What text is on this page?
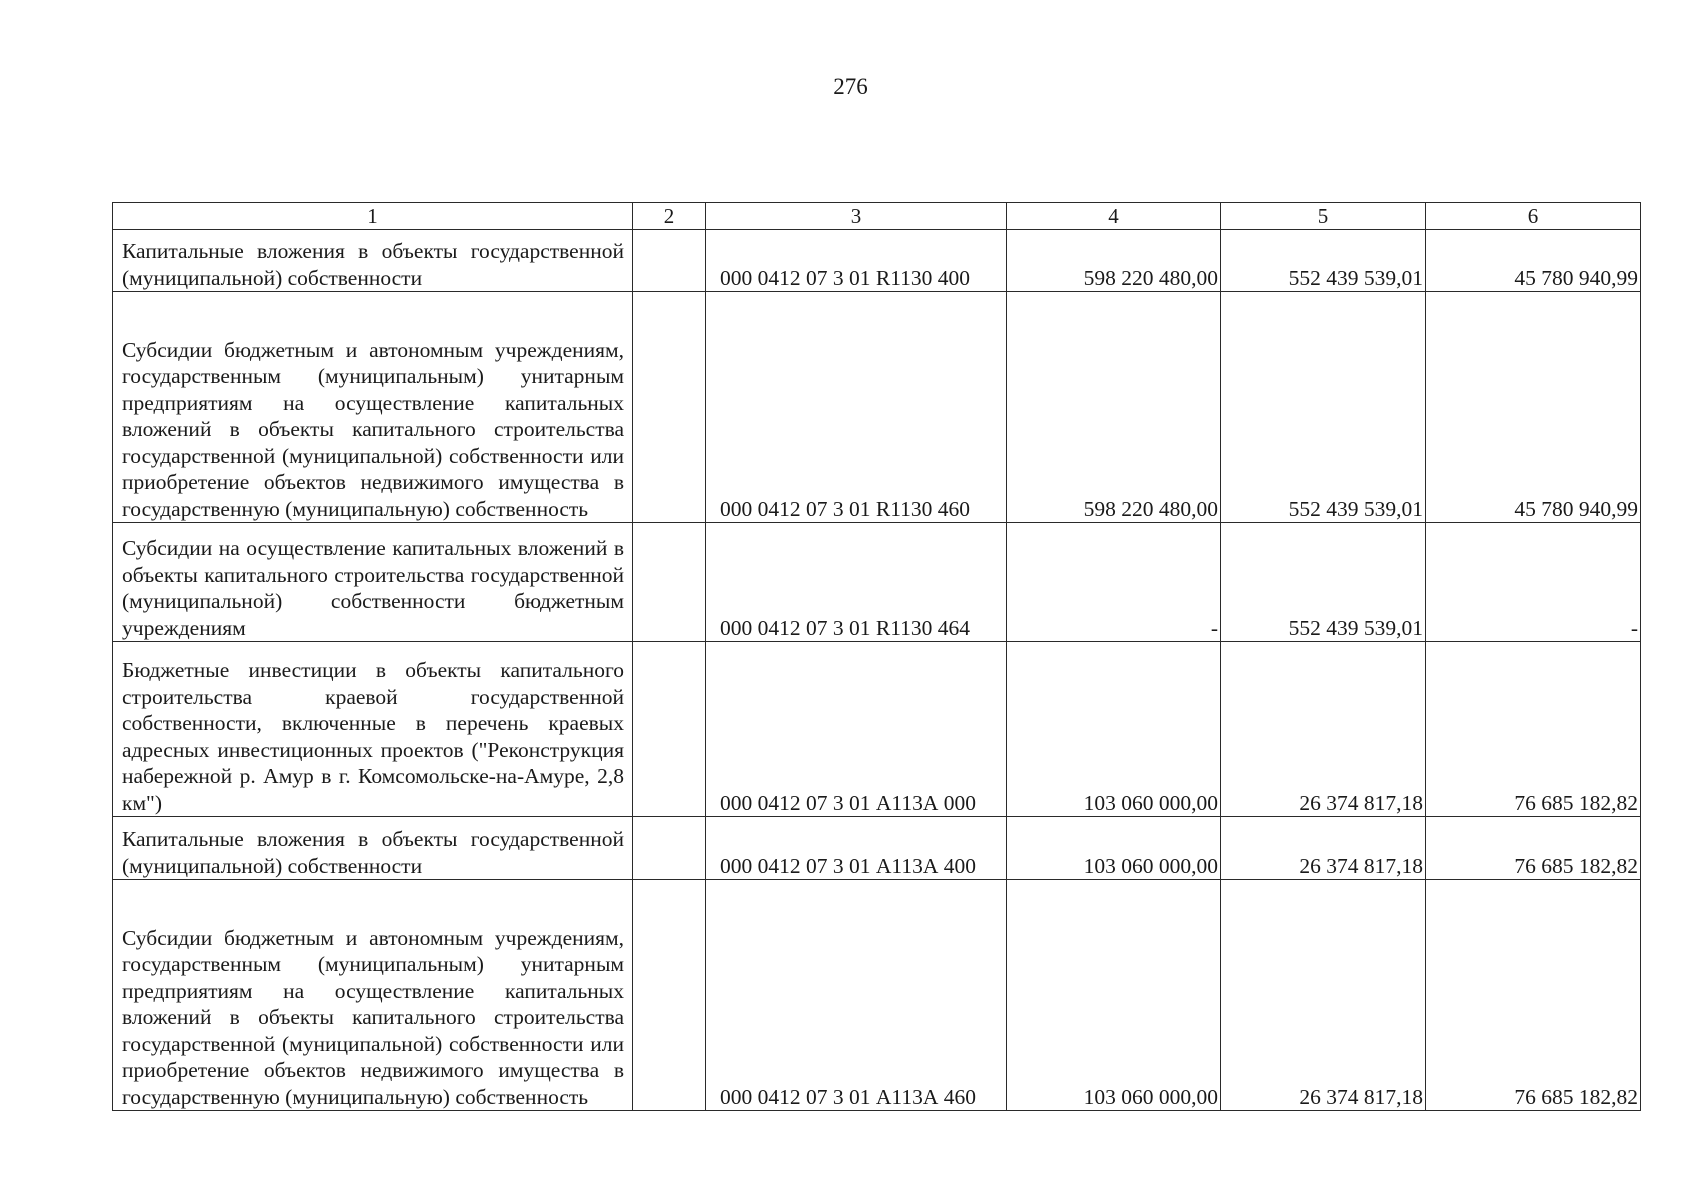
276
1	2	3	4	5	6
Капитальные вложения в объекты государственной (муниципальной) собственности		000 0412 07 3 01 R1130 400	598 220 480,00	552 439 539,01	45 780 940,99
Субсидии бюджетным и автономным учреждениям, государственным (муниципальным) унитарным предприятиям на осуществление капитальных вложений в объекты капитального строительства государственной (муниципальной) собственности или приобретение объектов недвижимого имущества в государственную (муниципальную) собственность		000 0412 07 3 01 R1130 460	598 220 480,00	552 439 539,01	45 780 940,99
Субсидии на осуществление капитальных вложений в объекты капитального строительства государственной (муниципальной) собственности бюджетным учреждениям		000 0412 07 3 01 R1130 464	-	552 439 539,01	-
Бюджетные инвестиции в объекты капитального строительства краевой государственной собственности, включенные в перечень краевых адресных инвестиционных проектов ("Реконструкция набережной р. Амур в г. Комсомольске-на-Амуре, 2,8 км")		000 0412 07 3 01 А113А 000	103 060 000,00	26 374 817,18	76 685 182,82
Капитальные вложения в объекты государственной (муниципальной) собственности		000 0412 07 3 01 А113А 400	103 060 000,00	26 374 817,18	76 685 182,82
Субсидии бюджетным и автономным учреждениям, государственным (муниципальным) унитарным предприятиям на осуществление капитальных вложений в объекты капитального строительства государственной (муниципальной) собственности или приобретение объектов недвижимого имущества в государственную (муниципальную) собственность		000 0412 07 3 01 А113А 460	103 060 000,00	26 374 817,18	76 685 182,82
